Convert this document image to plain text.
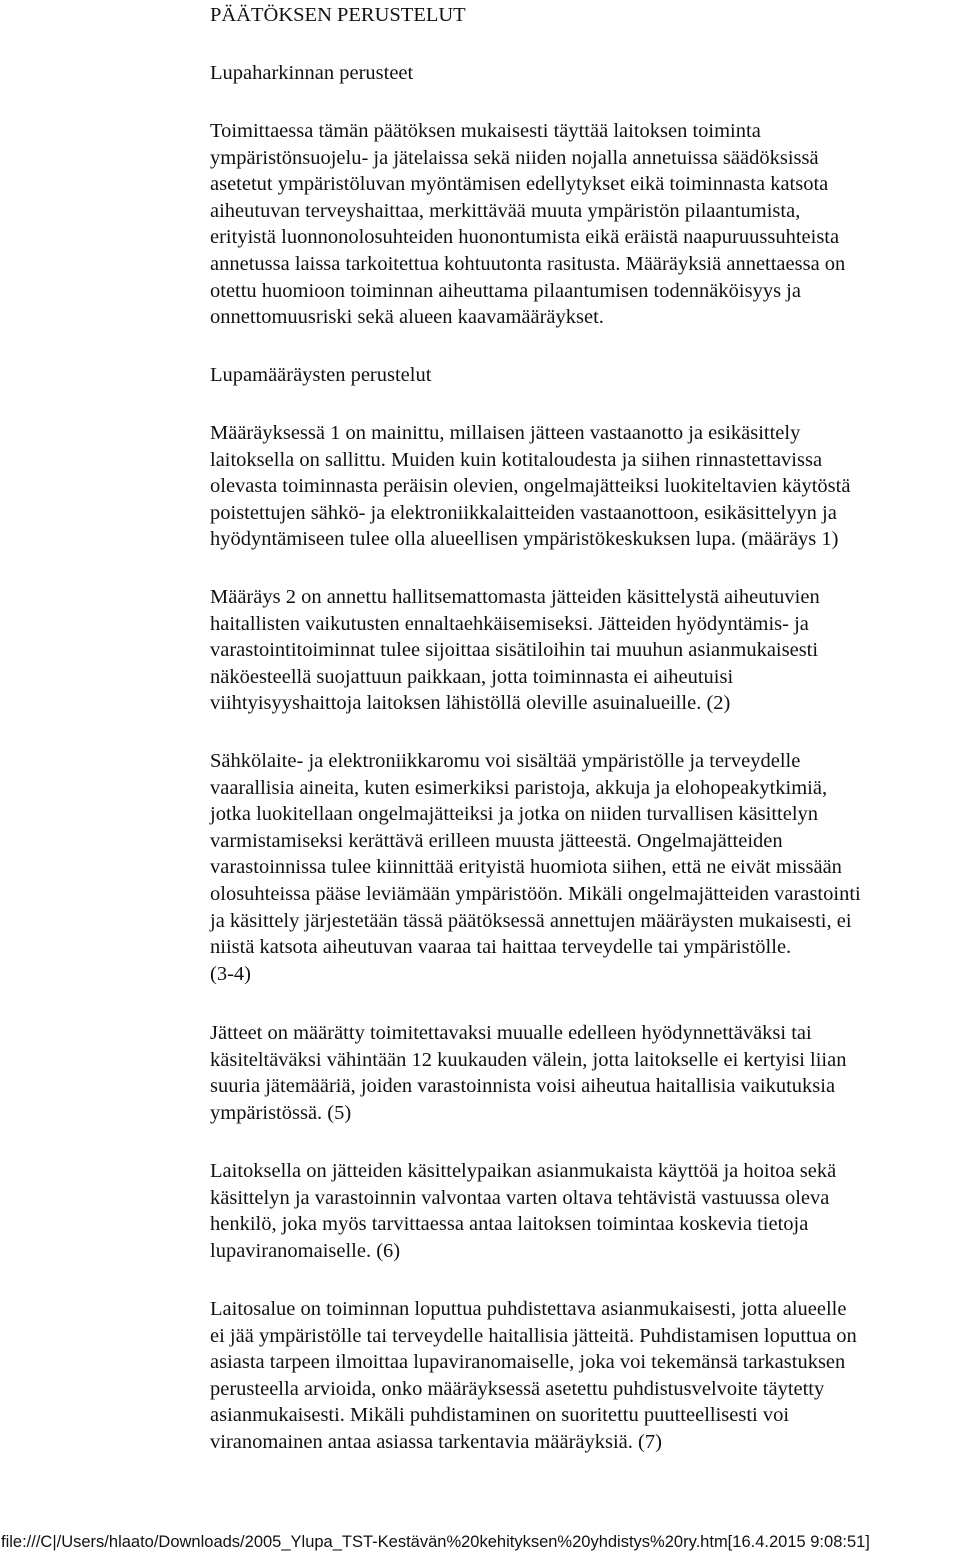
PÄÄTÖKSEN PERUSTELUT
Lupaharkinnan perusteet

Toimittaessa tämän päätöksen mukaisesti täyttää laitoksen toiminta
ympäristönsuojelu- ja jätelaissa sekä niiden nojalla annetuissa säädöksissä
asetetut ympäristöluvan myöntämisen edellytykset eikä toiminnasta katsota
aiheutuvan terveyshaittaa, merkittävää muuta ympäristön pilaantumista,
erityistä luonnonolosuhteiden huonontumista eikä eräistä naapuruussuhteista
annetussa laissa tarkoitettua kohtuutonta rasitusta. Määräyksiä annettaessa on
otettu huomioon toiminnan aiheuttama pilaantumisen todennäköisyys ja
onnettomuusriski sekä alueen kaavamääräykset.

Lupamääräysten perustelut

Määräyksessä 1 on mainittu, millaisen jätteen vastaanotto ja esikäsittely
laitoksella on sallittu. Muiden kuin kotitaloudesta ja siihen rinnastettavissa
olevasta toiminnasta peräisin olevien, ongelmajätteiksi luokiteltavien käytöstä
poistettujen sähkö- ja elektroniikkalaitteiden vastaanottoon, esikäsittelyyn ja
hyödyntämiseen tulee olla alueellisen ympäristökeskuksen lupa. (määräys 1)

Määräys 2 on annettu hallitsemattomasta jätteiden käsittelystä aiheutuvien
haitallisten vaikutusten ennaltaehkäisemiseksi. Jätteiden hyödyntämis- ja
varastointitoiminnat tulee sijoittaa sisätiloihin tai muuhun asianmukaisesti
näköesteellä suojattuun paikkaan, jotta toiminnasta ei aiheutuisi
viihtyisyyshaittoja laitoksen lähistöllä oleville asuinalueille. (2)

Sähkölaite- ja elektroniikkaromu voi sisältää ympäristölle ja terveydelle
vaarallisia aineita, kuten esimerkiksi paristoja, akkuja ja elohopeakytkimiä,
jotka luokitellaan ongelmajätteiksi ja jotka on niiden turvallisen käsittelyn
varmistamiseksi kerättävä erilleen muusta jätteestä. Ongelmajätteiden
varastoinnissa tulee kiinnittää erityistä huomiota siihen, että ne eivät missään
olosuhteissa pääse leviämään ympäristöön. Mikäli ongelmajätteiden varastointi
ja käsittely järjestetään tässä päätöksessä annettujen määräysten mukaisesti, ei
niistä katsota aiheutuvan vaaraa tai haittaa terveydelle tai ympäristölle.
(3-4)

Jätteet on määrätty toimitettavaksi muualle edelleen hyödynnettäväksi tai
käsiteltäväksi vähintään 12 kuukauden välein, jotta laitokselle ei kertyisi liian
suuria jätemääriä, joiden varastoinnista voisi aiheutua haitallisia vaikutuksia
ympäristössä. (5)

Laitoksella on jätteiden käsittelypaikan asianmukaista käyttöä ja hoitoa sekä
käsittelyn ja varastoinnin valvontaa varten oltava tehtävistä vastuussa oleva
henkilö, joka myös tarvittaessa antaa laitoksen toimintaa koskevia tietoja
lupaviranomaiselle. (6)

Laitosalue on toiminnan loputtua puhdistettava asianmukaisesti, jotta alueelle
ei jää ympäristölle tai terveydelle haitallisia jätteitä. Puhdistamisen loputtua on
asiasta tarpeen ilmoittaa lupaviranomaiselle, joka voi tekemänsä tarkastuksen
perusteella arvioida, onko määräyksessä asetettu puhdistusvelvoite täytetty
asianmukaisesti. Mikäli puhdistaminen on suoritettu puutteellisesti voi
viranomainen antaa asiassa tarkentavia määräyksiä. (7)

file:///C|/Users/hlaato/Downloads/2005_Ylupa_TST-Kestävän%20kehityksen%20yhdistys%20ry.htm[16.4.2015 9:08:51]
